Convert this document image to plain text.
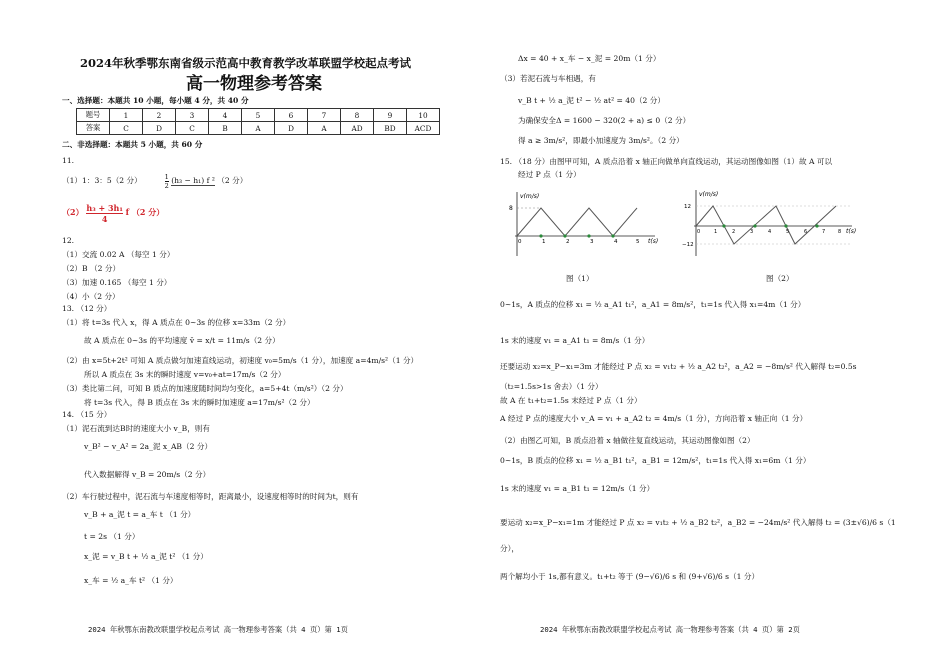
2024年秋季鄂东南省级示范高中教育教学改革联盟学校起点考试
高一物理参考答案
一、选择题：本题共 10 小题，每小题 4 分，共 40 分
题号	1	2	3	4	5	6	7	8	9	10
答案	C	D	C	B	A	D	A	AD	BD	ACD
二、非选择题：本题共 5 小题，共 60 分
11.
（1）1：3：5（2 分）	$\frac{1}{2} (h_3 - h_1)$ f ² （2 分）
$(2) \frac{\text{h₃ + 3h₁}}{4}$ f （2 分）
12.
（1）交流 0.02 A （每空 1 分）
（2）B （2 分）
（3）加速 0.165 （每空 1 分）
（4）小（2 分）
13. （12 分）
（1）将 t=3s 代入 x，得 A 质点在 0~3s 的位移 x=33m（2 分）
故 A 质点在 0~3s 的平均速度 v̄ = x/t = 11m/s（2 分）
（2）由 x=5t+2t² 可知 A 质点做匀加速直线运动，初速度 v₀=5m/s（1 分），加速度 a=4m/s²（1 分）
所以 A 质点在 3s 末的瞬时速度 v=v₀+at=17m/s（2 分）
（3）类比第二问，可知 B 质点的加速度随时间均匀变化，a=5+4t（m/s²）（2 分）
将 t=3s 代入，得 B 质点在 3s 末的瞬时加速度 a=17m/s²（2 分）
14. （15 分）
（1）泥石流到达B时的速度大小 v_B，则有
v_B² − v_A² = 2a_泥 x_AB（2 分）
代入数据解得 v_B = 20m/s（2 分）
（2）车行驶过程中，泥石流与车速度相等时，距离最小，设速度相等时的时间为t，则有
v_B + a_泥 t = a_车 t （1 分）
t = 2s （1 分）
x_泥 = v_B t + ½ a_泥 t² （1 分）
x_车 = ½ a_车 t² （1 分）
2024 年秋鄂东南教改联盟学校起点考试 高一物理参考答案（共 4 页）第 1页
Δx = 40 + x_车 − x_泥 = 20m（1 分）
（3）若泥石流与车相遇，有
v_B t + ½ a_泥 t² − ½ at² = 40（2 分）
为确保安全Δ = 1600 − 320(2 + a) ≤ 0（2 分）
得 a ≥ 3m/s²，即最小加速度为 3m/s²。（2 分）
15. （18 分）由图甲可知，A 质点沿着 x 轴正向做单向直线运动，其运动图像如图（1）故 A 可以
经过 P 点（1 分）
v(m/s)
t(s)
8
0	1	2	3	4	5
图（1）
v(m/s)
t(s)
12
−12
0	1	2	3	4	5	6	7	8
图（2）
0~1s，A 质点的位移 x₁ = ½ a_A1 t₁²，a_A1 = 8m/s²，t₁=1s 代入得 x₁=4m（1 分）
1s 末的速度 v₁ = a_A1 t₁ = 8m/s（1 分）
还要运动 x₂=x_P−x₁=3m 才能经过 P 点 x₂ = v₁t₂ + ½ a_A2 t₂²，a_A2 = −8m/s² 代入解得 t₂=0.5s
（t₂=1.5s>1s 舍去）（1 分）
故 A 在 t₁+t₂=1.5s 末经过 P 点（1 分）
A 经过 P 点的速度大小 v_A = v₁ + a_A2 t₂ = 4m/s（1 分），方向沿着 x 轴正向（1 分）
（2）由图乙可知，B 质点沿着 x 轴做往复直线运动，其运动图像如图（2）
0~1s，B 质点的位移 x₁ = ½ a_B1 t₁²，a_B1 = 12m/s²，t₁=1s 代入得 x₁=6m（1 分）
1s 末的速度 v₁ = a_B1 t₁ = 12m/s（1 分）
要运动 x₂=x_P−x₁=1m 才能经过 P 点 x₂ = v₁t₂ + ½ a_B2 t₂²，a_B2 = −24m/s² 代入解得 t₂ = (3±√6)/6 s（1
分），
两个解均小于 1s,都有意义。t₁+t₂ 等于 (9−√6)/6 s 和 (9+√6)/6 s（1 分）
2024 年秋鄂东南教改联盟学校起点考试 高一物理参考答案（共 4 页）第 2页
